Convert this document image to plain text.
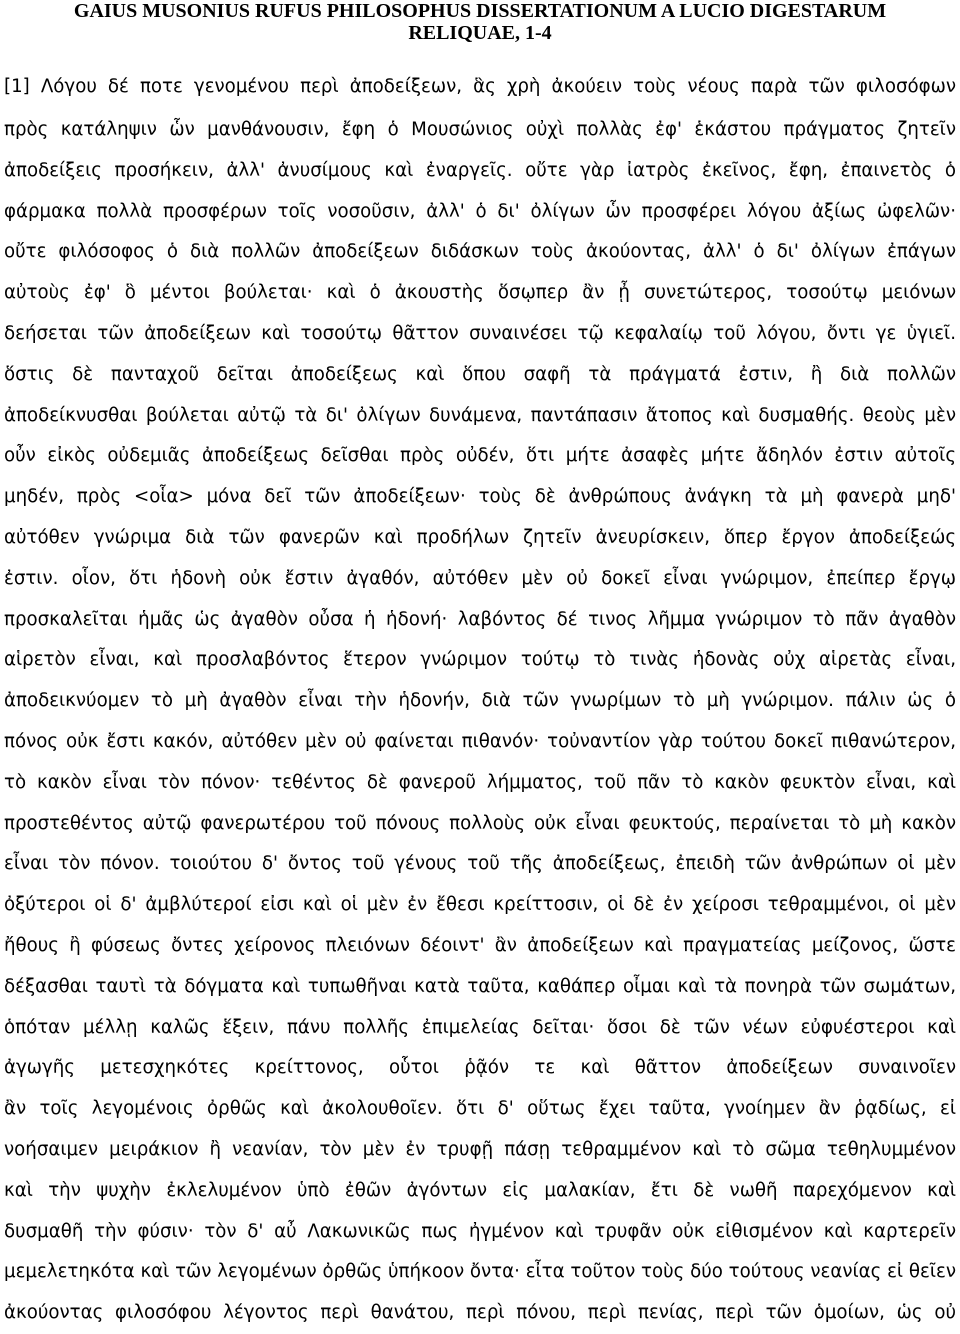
GAIUS MUSONIUS RUFUS PHILOSOPHUS DISSERTATIONUM A LUCIO DIGESTARUM
RELIQUAE, 1-4
[1] Λόγου δέ ποτε γενομένου περὶ ἀποδείξεων, ἃς χρὴ ἀκούειν τοὺς νέους παρὰ τῶν φιλοσόφων
πρὸς κατάληψιν ὧν μανθάνουσιν, ἔφη ὁ Μουσώνιος οὐχὶ πολλὰς ἐφ' ἑκάστου πράγματος ζητεῖν
ἀποδείξεις προσήκειν, ἀλλ' ἀνυσίμους καὶ ἐναργεῖς. οὔτε γὰρ ἰατρὸς ἐκεῖνος, ἔφη, ἐπαινετὸς ὁ
φάρμακα πολλὰ προσφέρων τοῖς νοσοῦσιν, ἀλλ' ὁ δι' ὀλίγων ὧν προσφέρει λόγου ἀξίως ὠφελῶν·
οὔτε φιλόσοφος ὁ διὰ πολλῶν ἀποδείξεων διδάσκων τοὺς ἀκούοντας, ἀλλ' ὁ δι' ὀλίγων ἐπάγων
αὐτοὺς ἐφ' ὃ μέντοι βούλεται· καὶ ὁ ἀκουστὴς ὅσῳπερ ἂν ᾖ συνετώτερος, τοσούτῳ μειόνων
δεήσεται τῶν ἀποδείξεων καὶ τοσούτῳ θᾶττον συναινέσει τῷ κεφαλαίῳ τοῦ λόγου, ὄντι γε ὑγιεῖ.
ὅστις δὲ πανταχοῦ δεῖται ἀποδείξεως καὶ ὅπου σαφῆ τὰ πράγματά ἐστιν, ἢ διὰ πολλῶν
ἀποδείκνυσθαι βούλεται αὐτῷ τὰ δι' ὀλίγων δυνάμενα, παντάπασιν ἄτοπος καὶ δυσμαθής. θεοὺς μὲν
οὖν εἰκὸς οὐδεμιᾶς ἀποδείξεως δεῖσθαι πρὸς οὐδέν, ὅτι μήτε ἀσαφὲς μήτε ἄδηλόν ἐστιν αὐτοῖς
μηδέν, πρὸς <οἷα> μόνα δεῖ τῶν ἀποδείξεων· τοὺς δὲ ἀνθρώπους ἀνάγκη τὰ μὴ φανερὰ μηδ'
αὐτόθεν γνώριμα διὰ τῶν φανερῶν καὶ προδήλων ζητεῖν ἀνευρίσκειν, ὅπερ ἔργον ἀποδείξεώς
ἐστιν. οἷον, ὅτι ἡδονὴ οὐκ ἔστιν ἀγαθόν, αὐτόθεν μὲν οὐ δοκεῖ εἶναι γνώριμον, ἐπείπερ ἔργῳ
προσκαλεῖται ἡμᾶς ὡς ἀγαθὸν οὖσα ἡ ἡδονή· λαβόντος δέ τινος λῆμμα γνώριμον τὸ πᾶν ἀγαθὸν
αἱρετὸν εἶναι, καὶ προσλαβόντος ἕτερον γνώριμον τούτῳ τὸ τινὰς ἡδονὰς οὐχ αἱρετὰς εἶναι,
ἀποδεικνύομεν τὸ μὴ ἀγαθὸν εἶναι τὴν ἡδονήν, διὰ τῶν γνωρίμων τὸ μὴ γνώριμον. πάλιν ὡς ὁ
πόνος οὐκ ἔστι κακόν, αὐτόθεν μὲν οὐ φαίνεται πιθανόν· τοὐναντίον γὰρ τούτου δοκεῖ πιθανώτερον,
τὸ κακὸν εἶναι τὸν πόνον· τεθέντος δὲ φανεροῦ λήμματος, τοῦ πᾶν τὸ κακὸν φευκτὸν εἶναι, καὶ
προστεθέντος αὐτῷ φανερωτέρου τοῦ πόνους πολλοὺς οὐκ εἶναι φευκτούς, περαίνεται τὸ μὴ κακὸν
εἶναι τὸν πόνον. τοιούτου δ' ὄντος τοῦ γένους τοῦ τῆς ἀποδείξεως, ἐπειδὴ τῶν ἀνθρώπων οἱ μὲν
ὀξύτεροι οἱ δ' ἀμβλύτεροί εἰσι καὶ οἱ μὲν ἐν ἔθεσι κρείττοσιν, οἱ δὲ ἐν χείροσι τεθραμμένοι, οἱ μὲν
ἤθους ἢ φύσεως ὄντες χείρονος πλειόνων δέοιντ' ἂν ἀποδείξεων καὶ πραγματείας μείζονος, ὥστε
δέξασθαι ταυτὶ τὰ δόγματα καὶ τυπωθῆναι κατὰ ταῦτα, καθάπερ οἶμαι καὶ τὰ πονηρὰ τῶν σωμάτων,
ὁπόταν μέλλῃ καλῶς ἕξειν, πάνυ πολλῆς ἐπιμελείας δεῖται· ὅσοι δὲ τῶν νέων εὐφυέστεροι καὶ
ἀγωγῆς μετεσχηκότες κρείττονος, οὗτοι ῥᾷόν τε καὶ θᾶττον ἀποδείξεων συναινοῖεν
ἂν τοῖς λεγομένοις ὀρθῶς καὶ ἀκολουθοῖεν. ὅτι δ' οὕτως ἔχει ταῦτα, γνοίημεν ἂν ῥᾳδίως, εἰ
νοήσαιμεν μειράκιον ἢ νεανίαν, τὸν μὲν ἐν τρυφῇ πάσῃ τεθραμμένον καὶ τὸ σῶμα τεθηλυμμένον
καὶ τὴν ψυχὴν ἐκλελυμένον ὑπὸ ἐθῶν ἀγόντων εἰς μαλακίαν, ἔτι δὲ νωθῆ παρεχόμενον καὶ
δυσμαθῆ τὴν φύσιν· τὸν δ' αὖ Λακωνικῶς πως ἠγμένον καὶ τρυφᾶν οὐκ εἰθισμένον καὶ καρτερεῖν
μεμελετηκότα καὶ τῶν λεγομένων ὀρθῶς ὑπήκοον ὄντα· εἶτα τοῦτον τοὺς δύο τούτους νεανίας εἰ θεῖεν
ἀκούοντας φιλοσόφου λέγοντος περὶ θανάτου, περὶ πόνου, περὶ πενίας, περὶ τῶν ὁμοίων, ὡς οὐ
